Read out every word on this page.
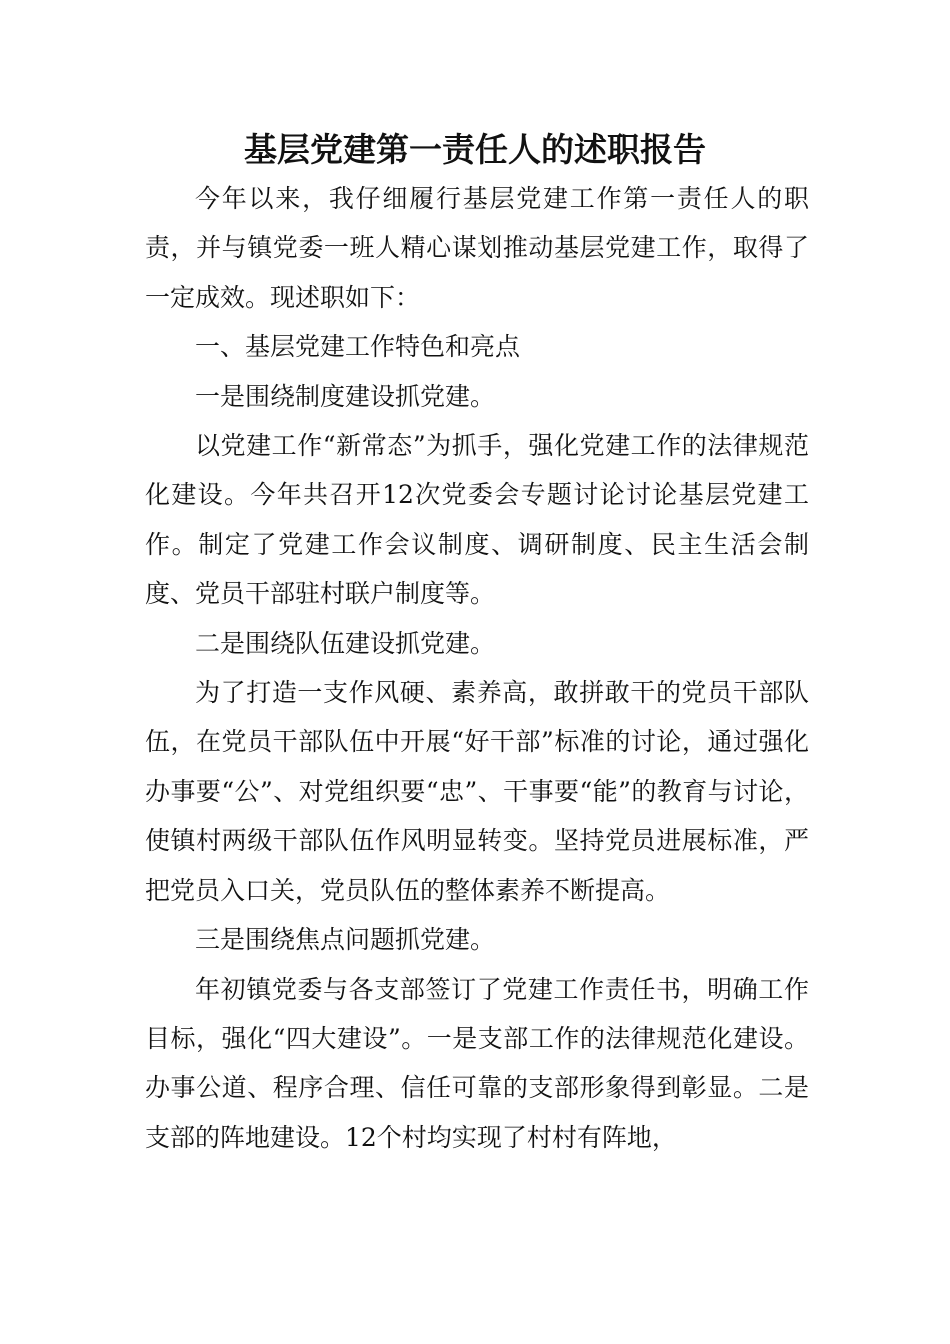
基层党建第一责任人的述职报告

今年以来，我仔细履行基层党建工作第一责任人的职责，并与镇党委一班人精心谋划推动基层党建工作，取得了一定成效。现述职如下：

一、基层党建工作特色和亮点

一是围绕制度建设抓党建。

以党建工作“新常态”为抓手，强化党建工作的法律规范化建设。今年共召开12次党委会专题讨论讨论基层党建工作。制定了党建工作会议制度、调研制度、民主生活会制度、党员干部驻村联户制度等。

二是围绕队伍建设抓党建。

为了打造一支作风硬、素养高，敢拼敢干的党员干部队伍，在党员干部队伍中开展“好干部”标准的讨论，通过强化办事要“公”、对党组织要“忠”、干事要“能”的教育与讨论，使镇村两级干部队伍作风明显转变。坚持党员进展标准，严把党员入口关，党员队伍的整体素养不断提高。

三是围绕焦点问题抓党建。

年初镇党委与各支部签订了党建工作责任书，明确工作目标，强化“四大建设”。一是支部工作的法律规范化建设。办事公道、程序合理、信任可靠的支部形象得到彰显。二是支部的阵地建设。12个村均实现了村村有阵地，
